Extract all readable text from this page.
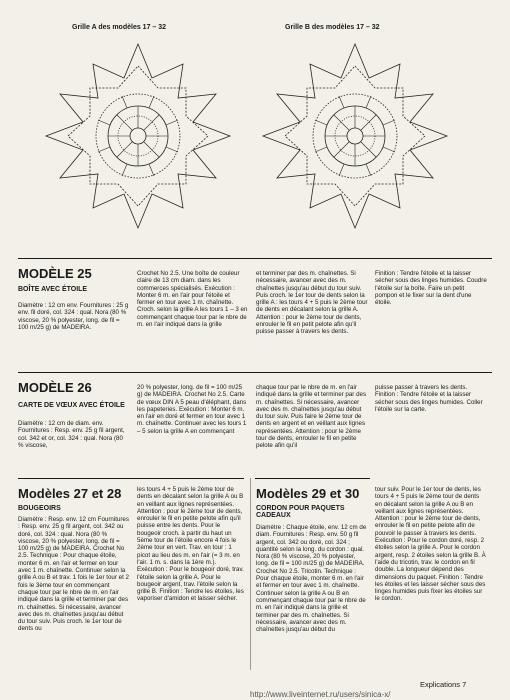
Grille A des modèles 17 – 32	Grille B des modèles 17 – 32
MODÈLE 25
BOÎTE AVEC ÉTOILE
Diamètre : 12 cm env. Fournitures : 25 g env. fil doré, col. 324 : qual. Nora (80 % viscose, 20 % polyester, long. de fil = 100 m/25 g) de MADEIRA.
Crochet No 2.5. Une boîte de couleur claire de 13 cm diam. dans les commerces spécialisés. Exécution : Monter 6 m. en l'air pour l'étoile et fermer en tour avec 1 m. chaînette. Croch. selon la grille A les tours 1 – 3 en commençant chaque tour par le nbre de m. en l'air indiqué dans la grille
et terminer par des m. chaînettes. Si nécessaire, avancer avec des m. chaînettes jusqu'au début du tour suiv. Puis croch. le 1er tour de dents selon la grille A : les tours 4 + 5 puis le 2ème tour de dents en décalant selon la grille A. Attention : pour le 2ème tour de dents, enrouler le fil en petit pelote afin qu'il puisse passer à travers les dents.
Finition : Tendre l'étoile et la laisser sécher sous des linges humides. Coudre l'étoile sur la boîte. Faire un petit pompon et le fixer sur la dent d'une étoile.
MODÈLE 26
CARTE DE VŒUX AVEC ÉTOILE
Diamètre : 12 cm de diam. env. Fournitures : Resp. env. 25 g fil argent, col. 342 et or, col. 324 : qual. Nora (80 % viscose,
20 % polyester, long. de fil = 100 m/25 g) de MADEIRA. Crochet No 2.5. Carte de vœux DIN A 5 peau d'éléphant, dans les papeteries. Exécution : Monter 6 m. en l'air en doré et fermer en tour avec 1 m. chaînette. Continuer avec les tours 1 – 5 selon la grille A en commençant
chaque tour par le nbre de m. en l'air indiqué dans la grille et terminer par des m. chaînettes. Si nécessaire, avancer avec des m. chaînettes jusqu'au début du tour suiv. Puis faire le 2ème tour de dents en argent et en veillant aux lignes représentées. Attention : pour le 2ème tour de dents, enrouler le fil en petite pelote afin qu'il
puisse passer à travers les dents. Finition : Tendre l'étoile et la laisser sécher sous des linges humides. Coller l'étoile sur la carte.
Modèles 27 et 28
BOUGEOIRS
Diamètre : Resp. env. 12 cm Fournitures : Resp. env. 25 g fil argent, col. 342 ou doré, col. 324 : qual. Nora (80 % viscose, 20 % polyester, long. de fil = 100 m/25 g) de MADEIRA. Crochet No 2.5. Technique : Pour chaque étoile, monter 6 m. en l'air et fermer en tour avec 1 m. chaînette. Continuer selon la grille A ou B et trav. 1 fois le 1er tour et 2 fois le 3ème tour en commençant chaque tour par le nbre de m. en l'air indiqué dans la grille et terminer par des m. chaînettes. Si nécessaire, avancer avec des m. chaînettes jusqu'au début du tour suiv. Puis croch. le 1er tour de dents ou
les tours 4 + 5 puis le 2ème tour de dents en décalant selon la grille A ou B en veillant aux lignes représentées. Attention : pour le 2ème tour de dents, enrouler le fil en petite pelote afin qu'il puisse entre les dents. Pour le bougeoir croch. à partir du haut un 5ème tour de l'étoile encore 4 fois le 2ème tour en vert. Trav. en tour : 1 picot au lieu des m. en l'air (= 3 m. en l'air. 1 m. s. dans la 1ère m.). Exécution : Pour le bougeoir doré, trav. l'étoile selon la grille A. Pour le bougeoir argent, trav. l'étoile selon la grille B. Finition : Tendre les étoiles, les vaporiser d'amidon et laisser sécher.
Modèles 29 et 30
CORDON POUR PAQUETS CADEAUX
Diamètre : Chaque étoile, env. 12 cm de diam. Fournitures : Resp. env. 50 g fil argent, col. 342 ou doré, col. 324 ; quantité selon la long. du cordon : qual. Nora (80 % viscose, 20 % polyester, long. de fil = 100 m/25 g) de MADEIRA. Crochet No 2.5. Tricotin. Technique : Pour chaque étoile, monter 6 m. en l'air et fermer en tour avec 1 m. chaînette. Continuer selon la grille A ou B en commençant chaque tour par le nbre de m. en l'air indiqué dans la grille et terminer par des m. chaînettes. Si nécessaire, avancer avec des m. chaînettes jusqu'au début du
tour suiv. Pour le 1er tour de dents, les tours 4 + 5 puis le 2ème tour de dents en décalant selon la grille A ou B en veillant aux lignes représentées. Attention : pour le 2ème tour de dents, enrouler le fil en petite pelote afin de pouvoir le passer à travers les dents. Exécution : Pour le cordon doré, resp. 2 étoiles selon la grille A. Pour le cordon argent, resp. 2 étoiles selon la grille B. À l'aide du tricotin, trav. le cordon en fil double. La longueur dépend des dimensions du paquet. Finition : Tendre les étoiles et les laisser sécher sous des linges humides puis fixer les étoiles sur le cordon.
Explications 7
http://www.liveinternet.ru/users/sinica-x/
